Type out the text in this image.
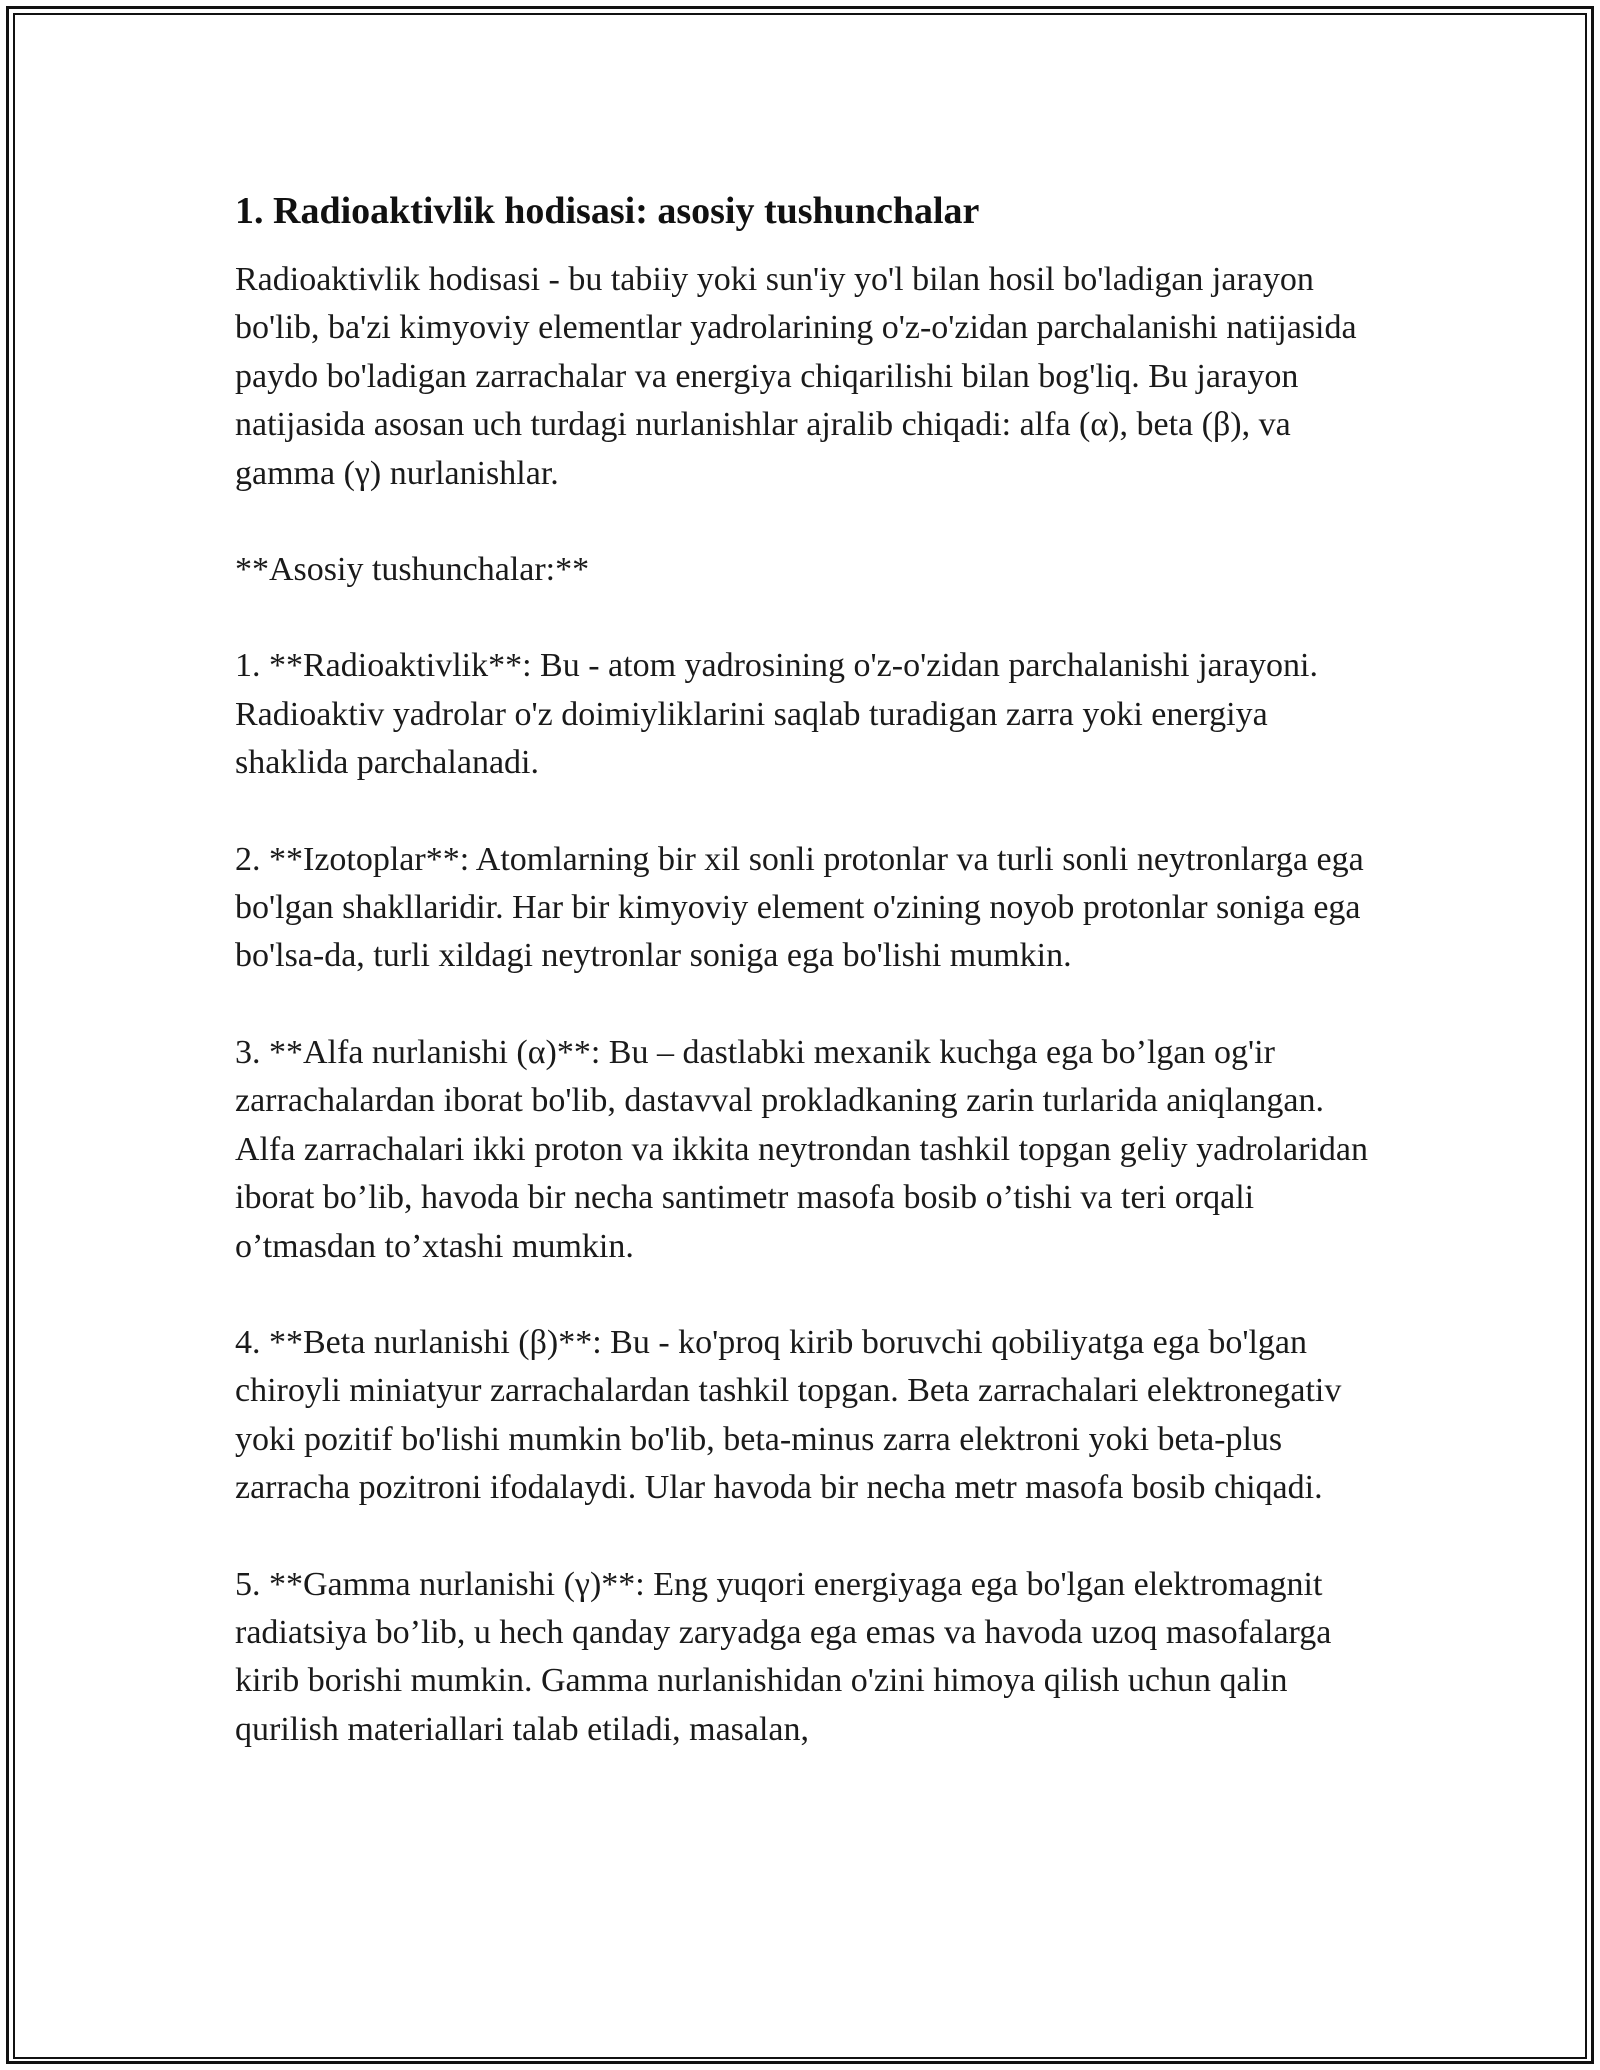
1. Radioaktivlik hodisasi: asosiy tushunchalar

Radioaktivlik hodisasi - bu tabiiy yoki sun'iy yo'l bilan hosil bo'ladigan jarayon bo'lib, ba'zi kimyoviy elementlar yadrolarining o'z-o'zidan parchalanishi natijasida paydo bo'ladigan zarrachalar va energiya chiqarilishi bilan bog'liq. Bu jarayon natijasida asosan uch turdagi nurlanishlar ajralib chiqadi: alfa (α), beta (β), va gamma (γ) nurlanishlar.

**Asosiy tushunchalar:**

1. **Radioaktivlik**: Bu - atom yadrosining o'z-o'zidan parchalanishi jarayoni. Radioaktiv yadrolar o'z doimiyliklarini saqlab turadigan zarra yoki energiya shaklida parchalanadi.

2. **Izotoplar**: Atomlarning bir xil sonli protonlar va turli sonli neytronlarga ega bo'lgan shakllaridir. Har bir kimyoviy element o'zining noyob protonlar soniga ega bo'lsa-da, turli xildagi neytronlar soniga ega bo'lishi mumkin.

3. **Alfa nurlanishi (α)**: Bu – dastlabki mexanik kuchga ega bo’lgan og'ir zarrachalardan iborat bo'lib, dastavval prokladkaning zarin turlarida aniqlangan. Alfa zarrachalari ikki proton va ikkita neytrondan tashkil topgan geliy yadrolaridan iborat bo’lib, havoda bir necha santimetr masofa bosib o’tishi va teri orqali o’tmasdan to’xtashi mumkin.

4. **Beta nurlanishi (β)**: Bu - ko'proq kirib boruvchi qobiliyatga ega bo'lgan chiroyli miniatyur zarrachalardan tashkil topgan. Beta zarrachalari elektronegativ yoki pozitif bo'lishi mumkin bo'lib, beta-minus zarra elektroni yoki beta-plus zarracha pozitroni ifodalaydi. Ular havoda bir necha metr masofa bosib chiqadi.

5. **Gamma nurlanishi (γ)**: Eng yuqori energiyaga ega bo'lgan elektromagnit radiatsiya bo’lib, u hech qanday zaryadga ega emas va havoda uzoq masofalarga kirib borishi mumkin. Gamma nurlanishidan o'zini himoya qilish uchun qalin qurilish materiallari talab etiladi, masalan,
